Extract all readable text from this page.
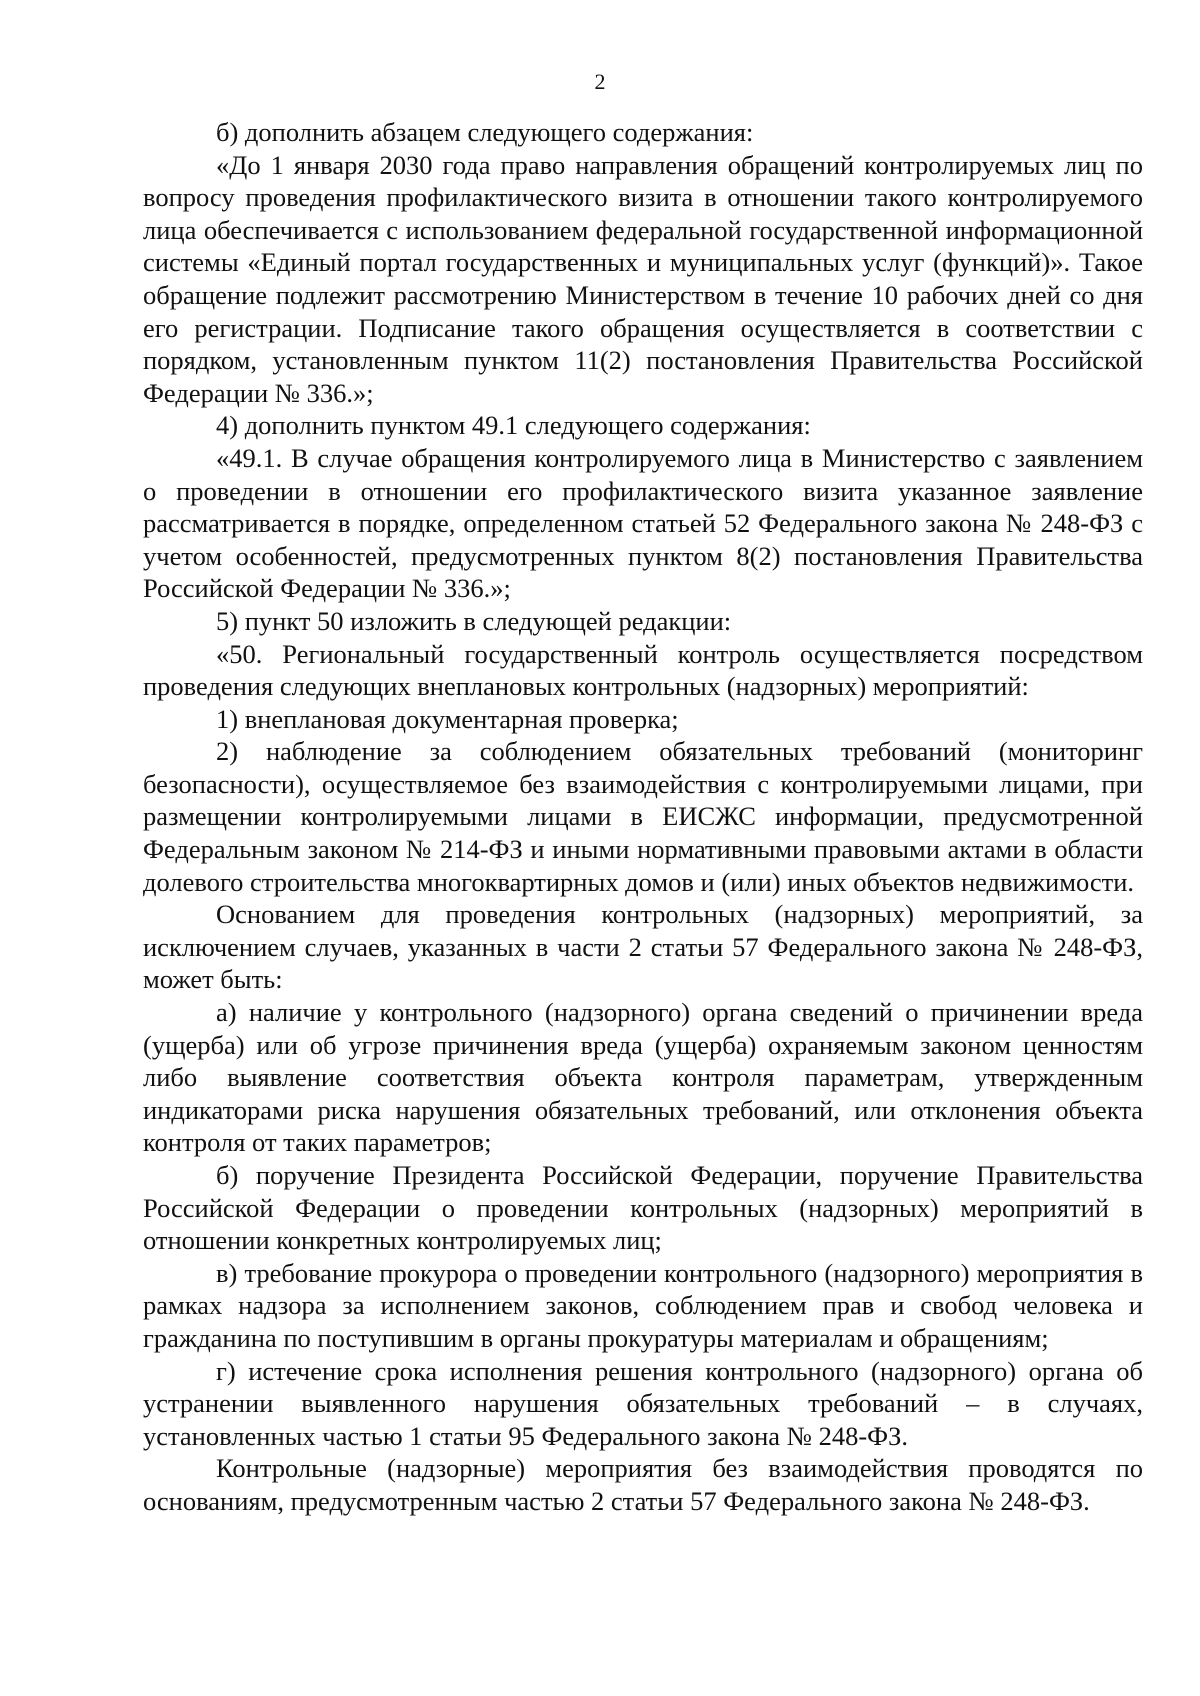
2

б) дополнить абзацем следующего содержания:

«До 1 января 2030 года право направления обращений контролируемых лиц по вопросу проведения профилактического визита в отношении такого контролируемого лица обеспечивается с использованием федеральной государственной информационной системы «Единый портал государственных и муниципальных услуг (функций)». Такое обращение подлежит рассмотрению Министерством в течение 10 рабочих дней со дня его регистрации. Подписание такого обращения осуществляется в соответствии с порядком, установленным пунктом 11(2) постановления Правительства Российской Федерации № 336.»;

4) дополнить пунктом 49.1 следующего содержания:

«49.1. В случае обращения контролируемого лица в Министерство с заявлением о проведении в отношении его профилактического визита указанное заявление рассматривается в порядке, определенном статьей 52 Федерального закона № 248-ФЗ с учетом особенностей, предусмотренных пунктом 8(2) постановления Правительства Российской Федерации № 336.»;

5) пункт 50 изложить в следующей редакции:

«50. Региональный государственный контроль осуществляется посредством проведения следующих внеплановых контрольных (надзорных) мероприятий:

1) внеплановая документарная проверка;

2) наблюдение за соблюдением обязательных требований (мониторинг безопасности), осуществляемое без взаимодействия с контролируемыми лицами, при размещении контролируемыми лицами в ЕИСЖС информации, предусмотренной Федеральным законом № 214-ФЗ и иными нормативными правовыми актами в области долевого строительства многоквартирных домов и (или) иных объектов недвижимости.

Основанием для проведения контрольных (надзорных) мероприятий, за исключением случаев, указанных в части 2 статьи 57 Федерального закона № 248-ФЗ, может быть:

а) наличие у контрольного (надзорного) органа сведений о причинении вреда (ущерба) или об угрозе причинения вреда (ущерба) охраняемым законом ценностям либо выявление соответствия объекта контроля параметрам, утвержденным индикаторами риска нарушения обязательных требований, или отклонения объекта контроля от таких параметров;

б) поручение Президента Российской Федерации, поручение Правительства Российской Федерации о проведении контрольных (надзорных) мероприятий в отношении конкретных контролируемых лиц;

в) требование прокурора о проведении контрольного (надзорного) мероприятия в рамках надзора за исполнением законов, соблюдением прав и свобод человека и гражданина по поступившим в органы прокуратуры материалам и обращениям;

г) истечение срока исполнения решения контрольного (надзорного) органа об устранении выявленного нарушения обязательных требований – в случаях, установленных частью 1 статьи 95 Федерального закона № 248-ФЗ.

Контрольные (надзорные) мероприятия без взаимодействия проводятся по основаниям, предусмотренным частью 2 статьи 57 Федерального закона № 248-ФЗ.
